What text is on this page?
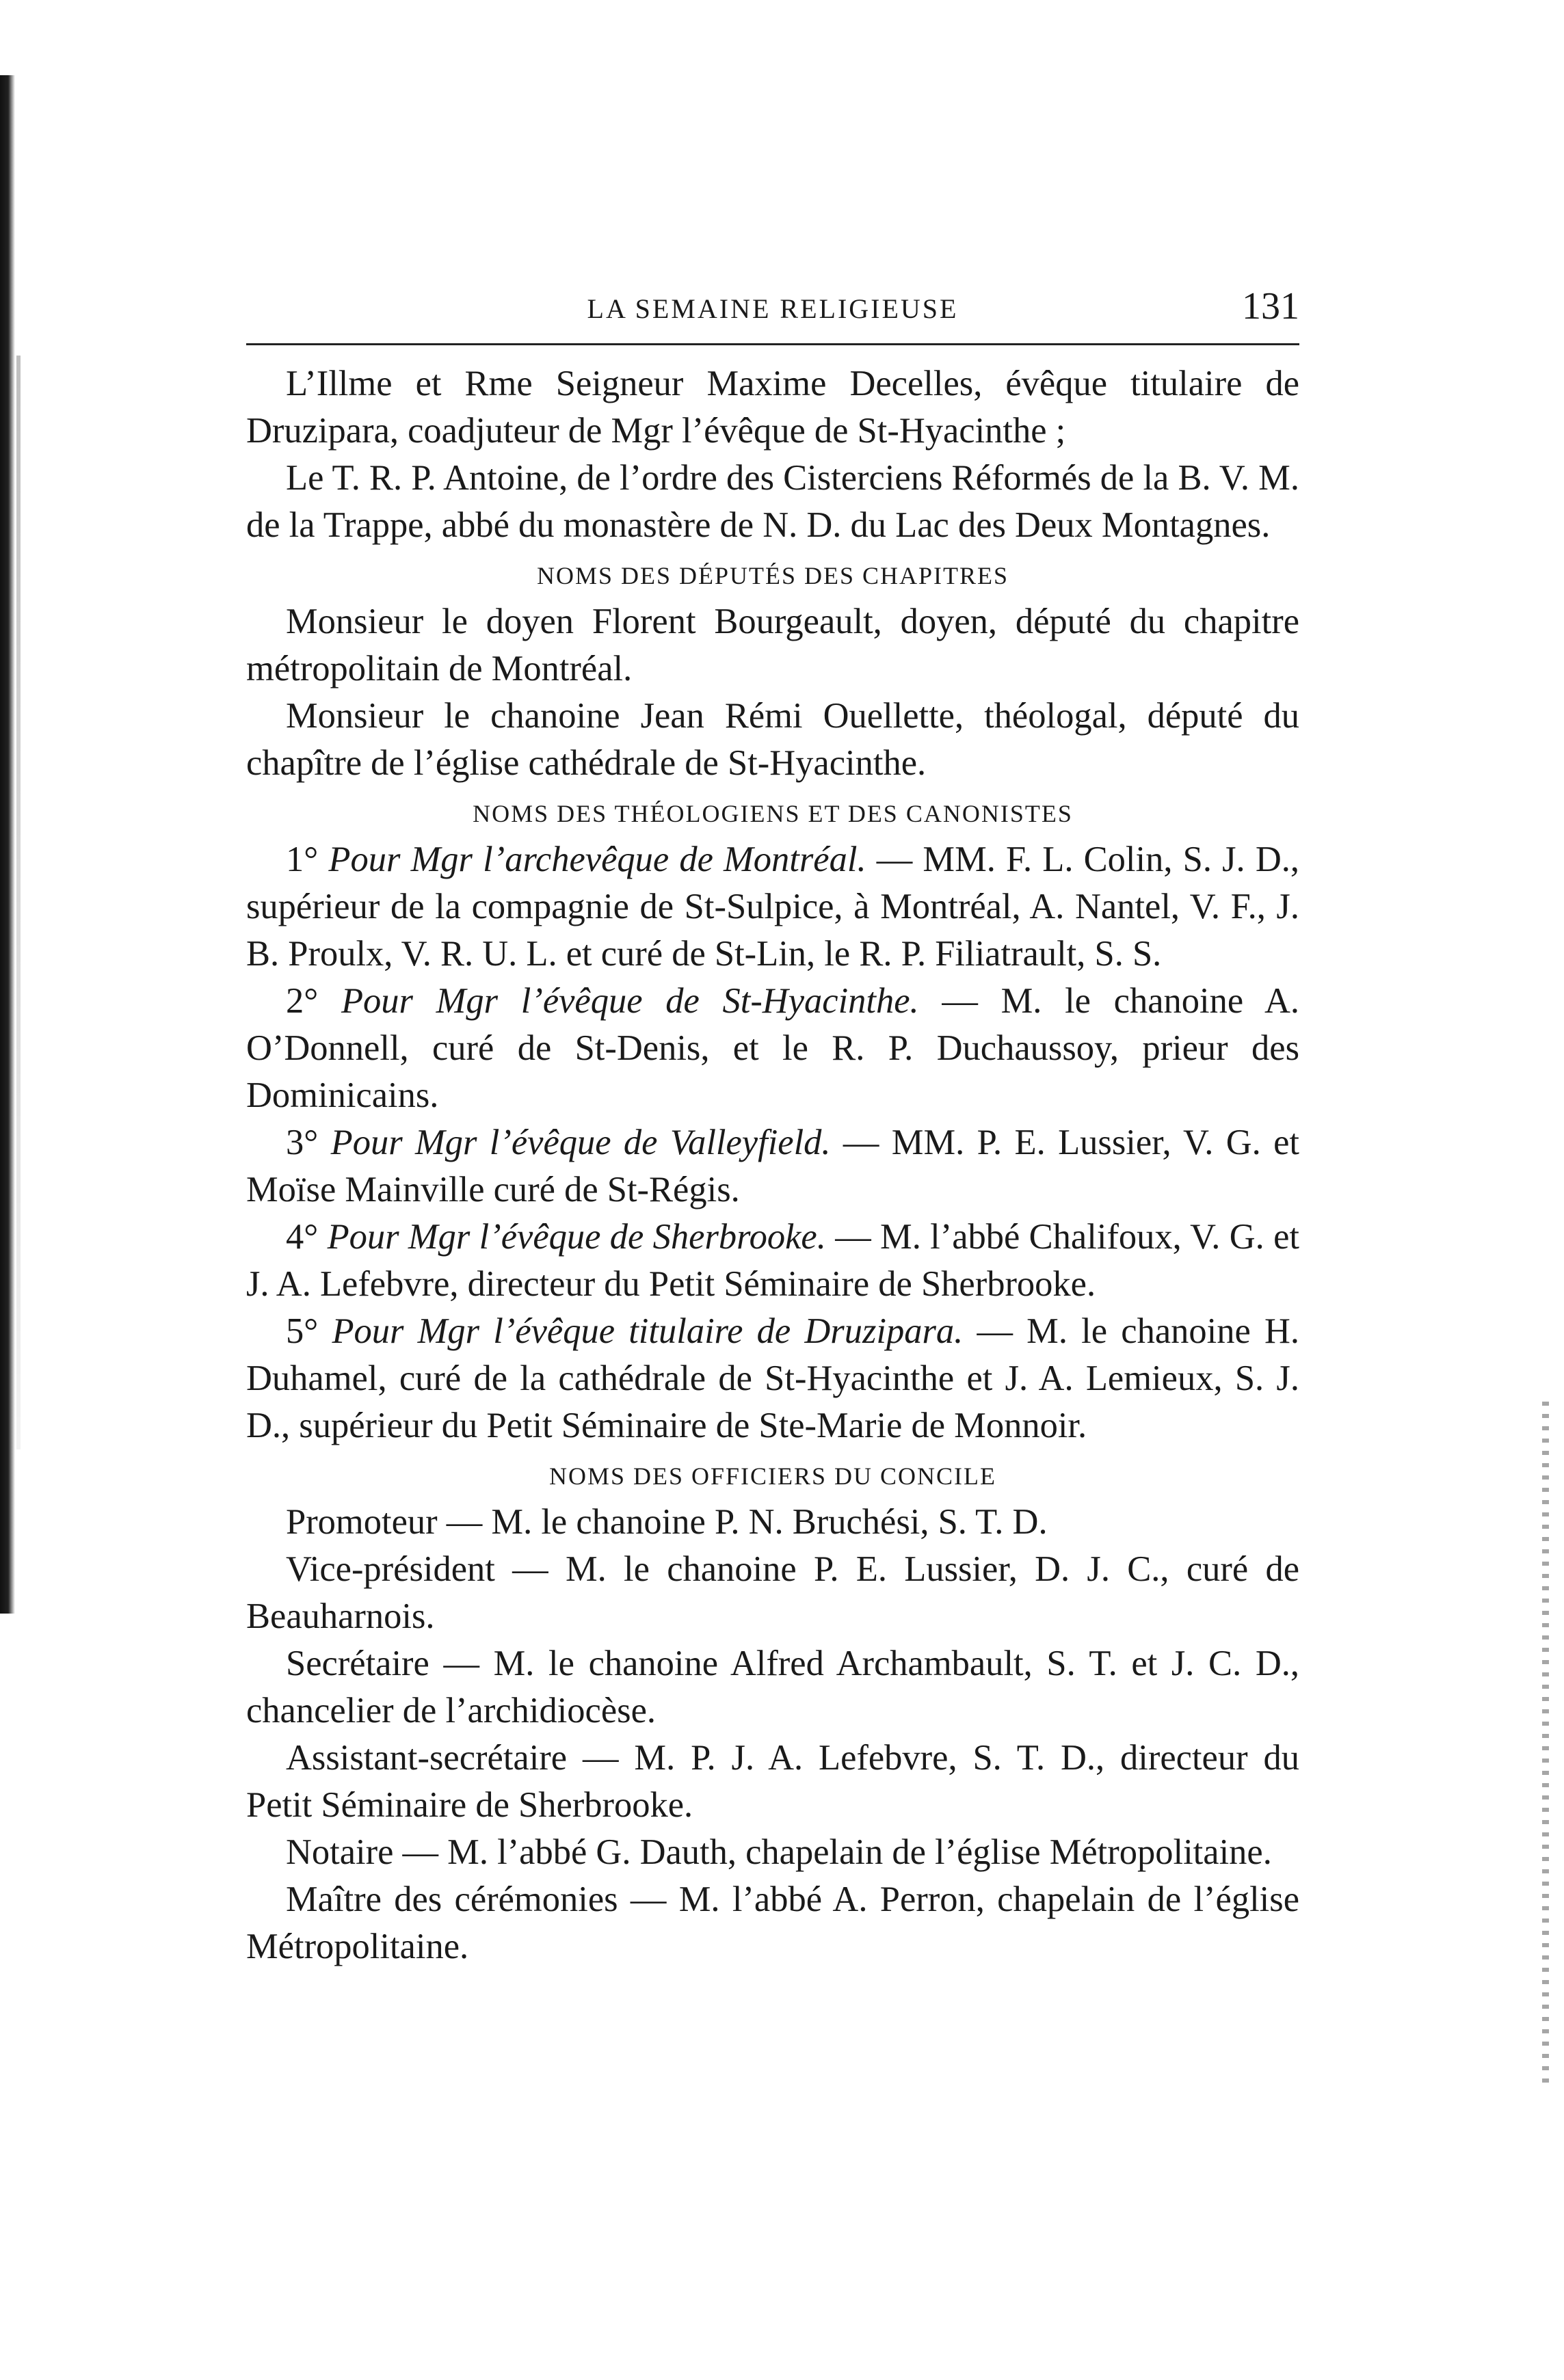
LA SEMAINE RELIGIEUSE	131

L’Illme et Rme Seigneur Maxime Decelles, évêque titulaire de Druzipara, coadjuteur de Mgr l’évêque de St-Hyacinthe ;

Le T. R. P. Antoine, de l’ordre des Cisterciens Réformés de la B. V. M. de la Trappe, abbé du monastère de N. D. du Lac des Deux Montagnes.

NOMS DES DÉPUTÉS DES CHAPITRES

Monsieur le doyen Florent Bourgeault, doyen, député du chapitre métropolitain de Montréal.

Monsieur le chanoine Jean Rémi Ouellette, théologal, député du chapître de l’église cathédrale de St-Hyacinthe.

NOMS DES THÉOLOGIENS ET DES CANONISTES

1° Pour Mgr l’archevêque de Montréal. — MM. F. L. Colin, S. J. D., supérieur de la compagnie de St-Sulpice, à Montréal, A. Nantel, V. F., J. B. Proulx, V. R. U. L. et curé de St-Lin, le R. P. Filiatrault, S. S.

2° Pour Mgr l’évêque de St-Hyacinthe. — M. le chanoine A. O’Donnell, curé de St-Denis, et le R. P. Duchaussoy, prieur des Dominicains.

3° Pour Mgr l’évêque de Valleyfield. — MM. P. E. Lussier, V. G. et Moïse Mainville curé de St-Régis.

4° Pour Mgr l’évêque de Sherbrooke. — M. l’abbé Chalifoux, V. G. et J. A. Lefebvre, directeur du Petit Séminaire de Sherbrooke.

5° Pour Mgr l’évêque titulaire de Druzipara. — M. le chanoine H. Duhamel, curé de la cathédrale de St-Hyacinthe et J. A. Lemieux, S. J. D., supérieur du Petit Séminaire de Ste-Marie de Monnoir.

NOMS DES OFFICIERS DU CONCILE

Promoteur — M. le chanoine P. N. Bruchési, S. T. D.

Vice-président — M. le chanoine P. E. Lussier, D. J. C., curé de Beauharnois.

Secrétaire — M. le chanoine Alfred Archambault, S. T. et J. C. D., chancelier de l’archidiocèse.

Assistant-secrétaire — M. P. J. A. Lefebvre, S. T. D., directeur du Petit Séminaire de Sherbrooke.

Notaire — M. l’abbé G. Dauth, chapelain de l’église Métropolitaine.

Maître des cérémonies — M. l’abbé A. Perron, chapelain de l’église Métropolitaine.
